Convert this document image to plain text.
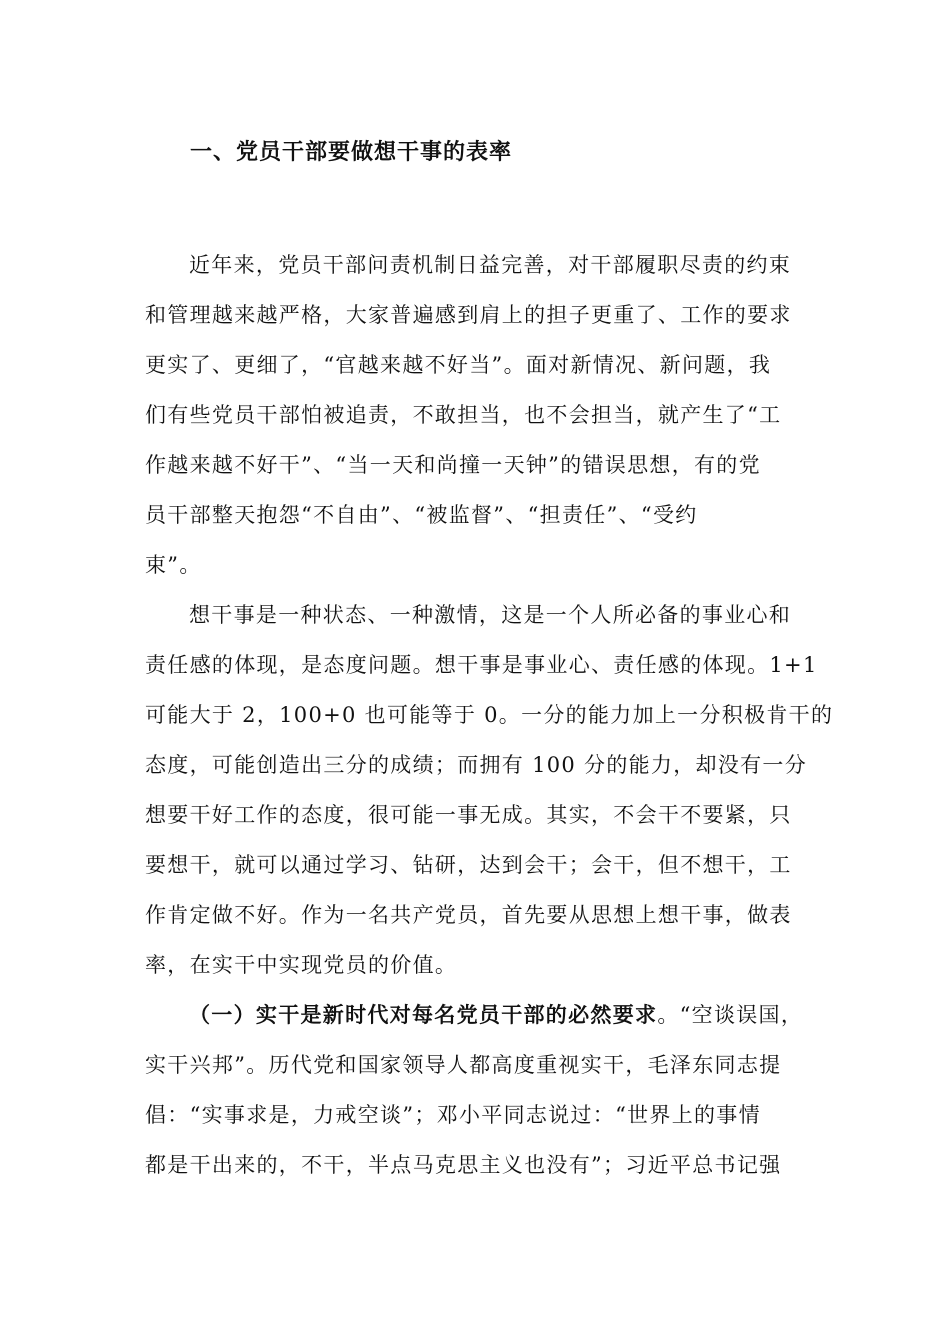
一、党员干部要做想干事的表率
近年来，党员干部问责机制日益完善，对干部履职尽责的约束
和管理越来越严格，大家普遍感到肩上的担子更重了、工作的要求
更实了、更细了，“官越来越不好当”。面对新情况、新问题，我
们有些党员干部怕被追责，不敢担当，也不会担当，就产生了“工
作越来越不好干”、“当一天和尚撞一天钟”的错误思想，有的党
员干部整天抱怨“不自由”、“被监督”、“担责任”、“受约
束”。
想干事是一种状态、一种激情，这是一个人所必备的事业心和
责任感的体现，是态度问题。想干事是事业心、责任感的体现。1+1
可能大于 2，100+0 也可能等于 0。一分的能力加上一分积极肯干的
态度，可能创造出三分的成绩；而拥有 100 分的能力，却没有一分
想要干好工作的态度，很可能一事无成。其实，不会干不要紧，只
要想干，就可以通过学习、钻研，达到会干；会干，但不想干，工
作肯定做不好。作为一名共产党员，首先要从思想上想干事，做表
率，在实干中实现党员的价值。
（一）实干是新时代对每名党员干部的必然要求。“空谈误国，
实干兴邦”。历代党和国家领导人都高度重视实干，毛泽东同志提
倡：“实事求是，力戒空谈”；邓小平同志说过：“世界上的事情
都是干出来的，不干，半点马克思主义也没有”；习近平总书记强
